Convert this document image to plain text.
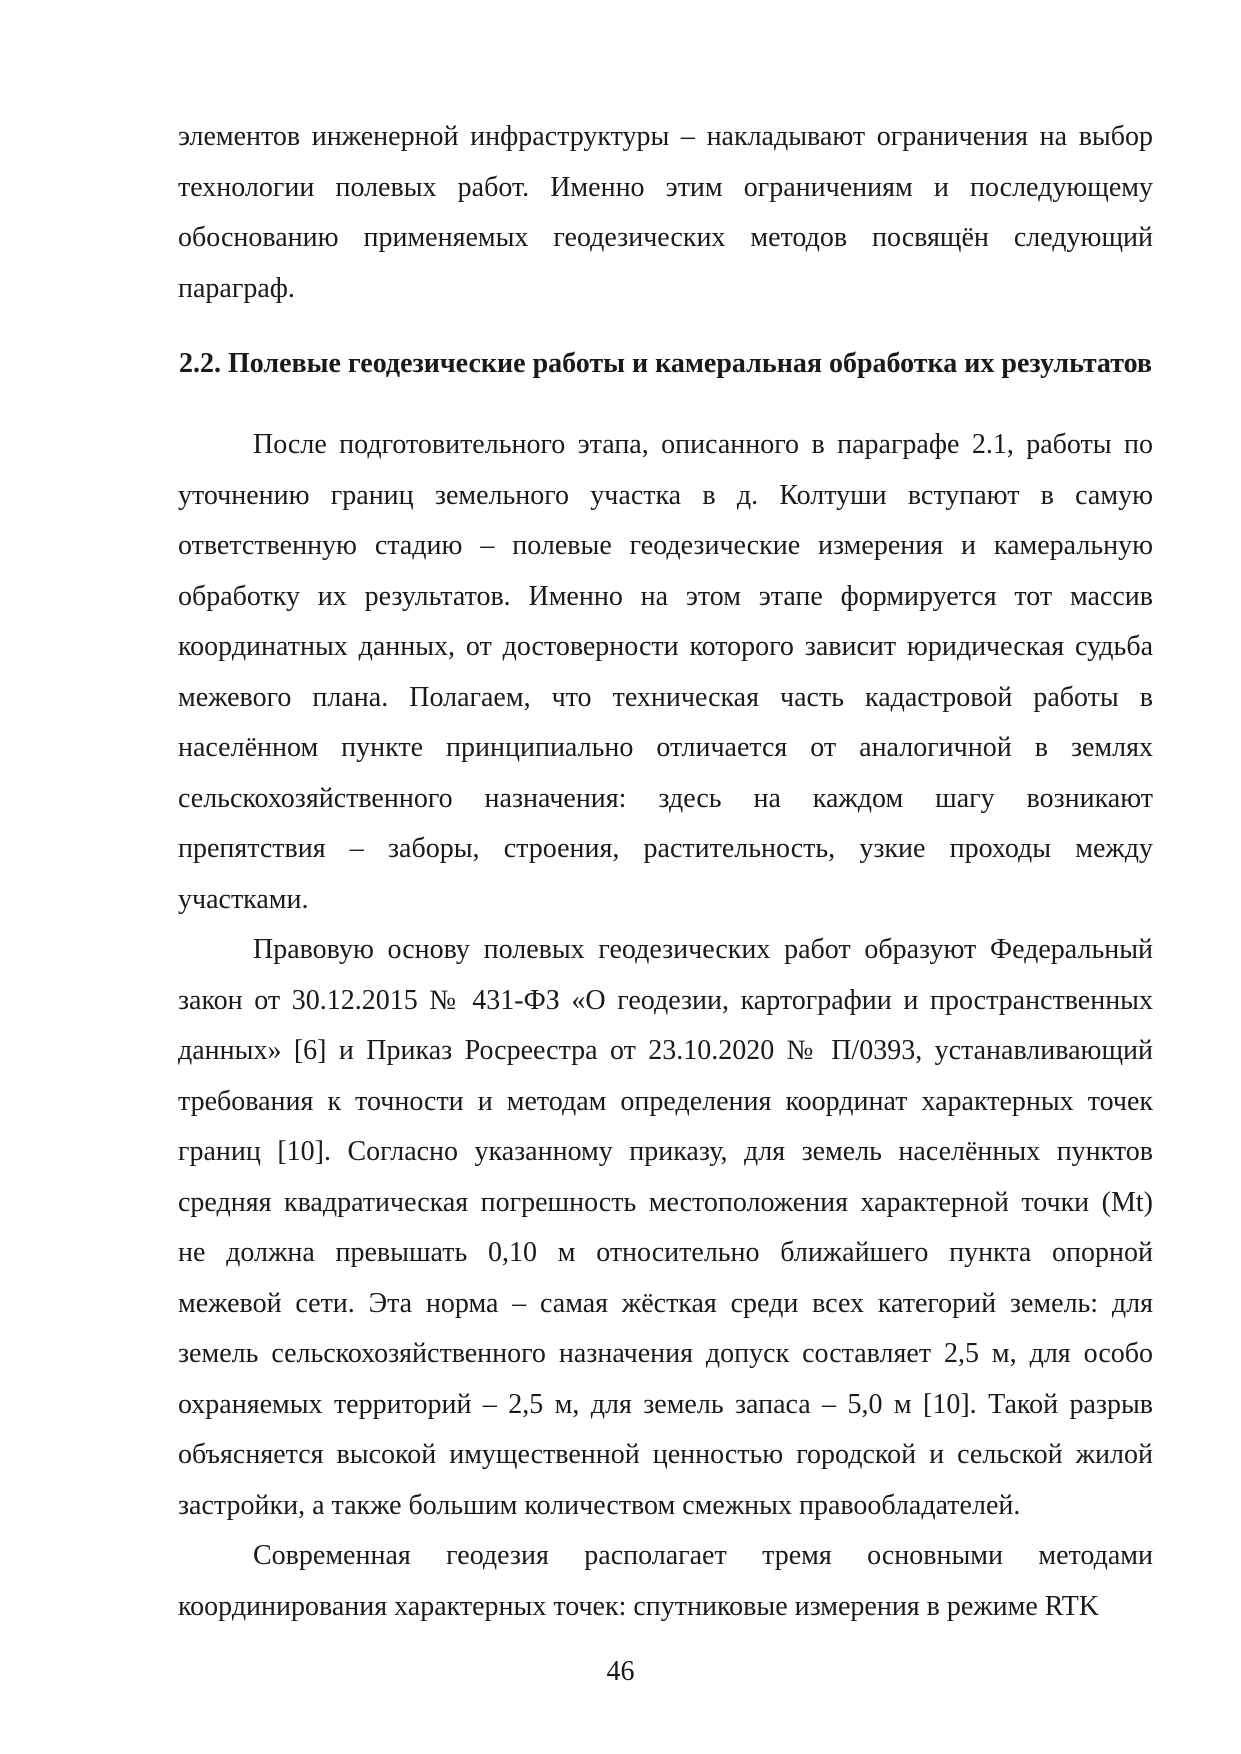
элементов инженерной инфраструктуры – накладывают ограничения на выбор технологии полевых работ. Именно этим ограничениям и последующему обоснованию применяемых геодезических методов посвящён следующий параграф.
2.2. Полевые геодезические работы и камеральная обработка их результатов

После подготовительного этапа, описанного в параграфе 2.1, работы по уточнению границ земельного участка в д. Колтуши вступают в самую ответственную стадию – полевые геодезические измерения и камеральную обработку их результатов. Именно на этом этапе формируется тот массив координатных данных, от достоверности которого зависит юридическая судьба межевого плана. Полагаем, что техническая часть кадастровой работы в населённом пункте принципиально отличается от аналогичной в землях сельскохозяйственного назначения: здесь на каждом шагу возникают препятствия – заборы, строения, растительность, узкие проходы между участками.

Правовую основу полевых геодезических работ образуют Федеральный закон от 30.12.2015 № 431-ФЗ «О геодезии, картографии и пространственных данных» [6] и Приказ Росреестра от 23.10.2020 № П/0393, устанавливающий требования к точности и методам определения координат характерных точек границ [10]. Согласно указанному приказу, для земель населённых пунктов средняя квадратическая погрешность местоположения характерной точки (Mt) не должна превышать 0,10 м относительно ближайшего пункта опорной межевой сети. Эта норма – самая жёсткая среди всех категорий земель: для земель сельскохозяйственного назначения допуск составляет 2,5 м, для особо охраняемых территорий – 2,5 м, для земель запаса – 5,0 м [10]. Такой разрыв объясняется высокой имущественной ценностью городской и сельской жилой застройки, а также большим количеством смежных правообладателей.

Современная геодезия располагает тремя основными методами координирования характерных точек: спутниковые измерения в режиме RTK

46
